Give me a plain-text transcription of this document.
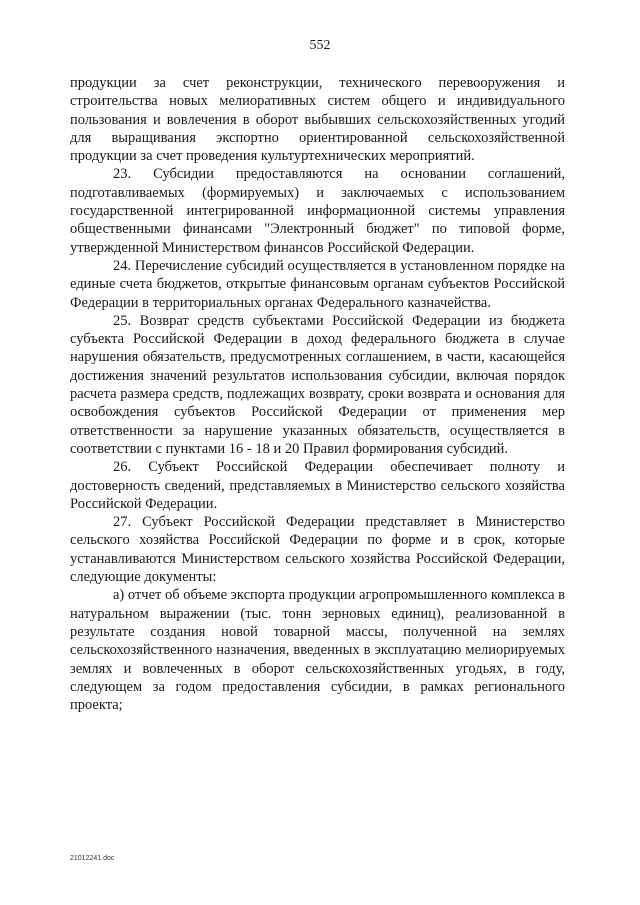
552

продукции за счет реконструкции, технического перевооружения и строительства новых мелиоративных систем общего и индивидуального пользования и вовлечения в оборот выбывших сельскохозяйственных угодий для выращивания экспортно ориентированной сельскохозяйственной продукции за счет проведения культуртехнических мероприятий.

23. Субсидии предоставляются на основании соглашений, подготавливаемых (формируемых) и заключаемых с использованием государственной интегрированной информационной системы управления общественными финансами "Электронный бюджет" по типовой форме, утвержденной Министерством финансов Российской Федерации.

24. Перечисление субсидий осуществляется в установленном порядке на единые счета бюджетов, открытые финансовым органам субъектов Российской Федерации в территориальных органах Федерального казначейства.

25. Возврат средств субъектами Российской Федерации из бюджета субъекта Российской Федерации в доход федерального бюджета в случае нарушения обязательств, предусмотренных соглашением, в части, касающейся достижения значений результатов использования субсидии, включая порядок расчета размера средств, подлежащих возврату, сроки возврата и основания для освобождения субъектов Российской Федерации от применения мер ответственности за нарушение указанных обязательств, осуществляется в соответствии с пунктами 16 - 18 и 20 Правил формирования субсидий.

26. Субъект Российской Федерации обеспечивает полноту и достоверность сведений, представляемых в Министерство сельского хозяйства Российской Федерации.

27. Субъект Российской Федерации представляет в Министерство сельского хозяйства Российской Федерации по форме и в срок, которые устанавливаются Министерством сельского хозяйства Российской Федерации, следующие документы:

а) отчет об объеме экспорта продукции агропромышленного комплекса в натуральном выражении (тыс. тонн зерновых единиц), реализованной в результате создания новой товарной массы, полученной на землях сельскохозяйственного назначения, введенных в эксплуатацию мелиорируемых землях и вовлеченных в оборот сельскохозяйственных угодьях, в году, следующем за годом предоставления субсидии, в рамках регионального проекта;

21012241.doc
